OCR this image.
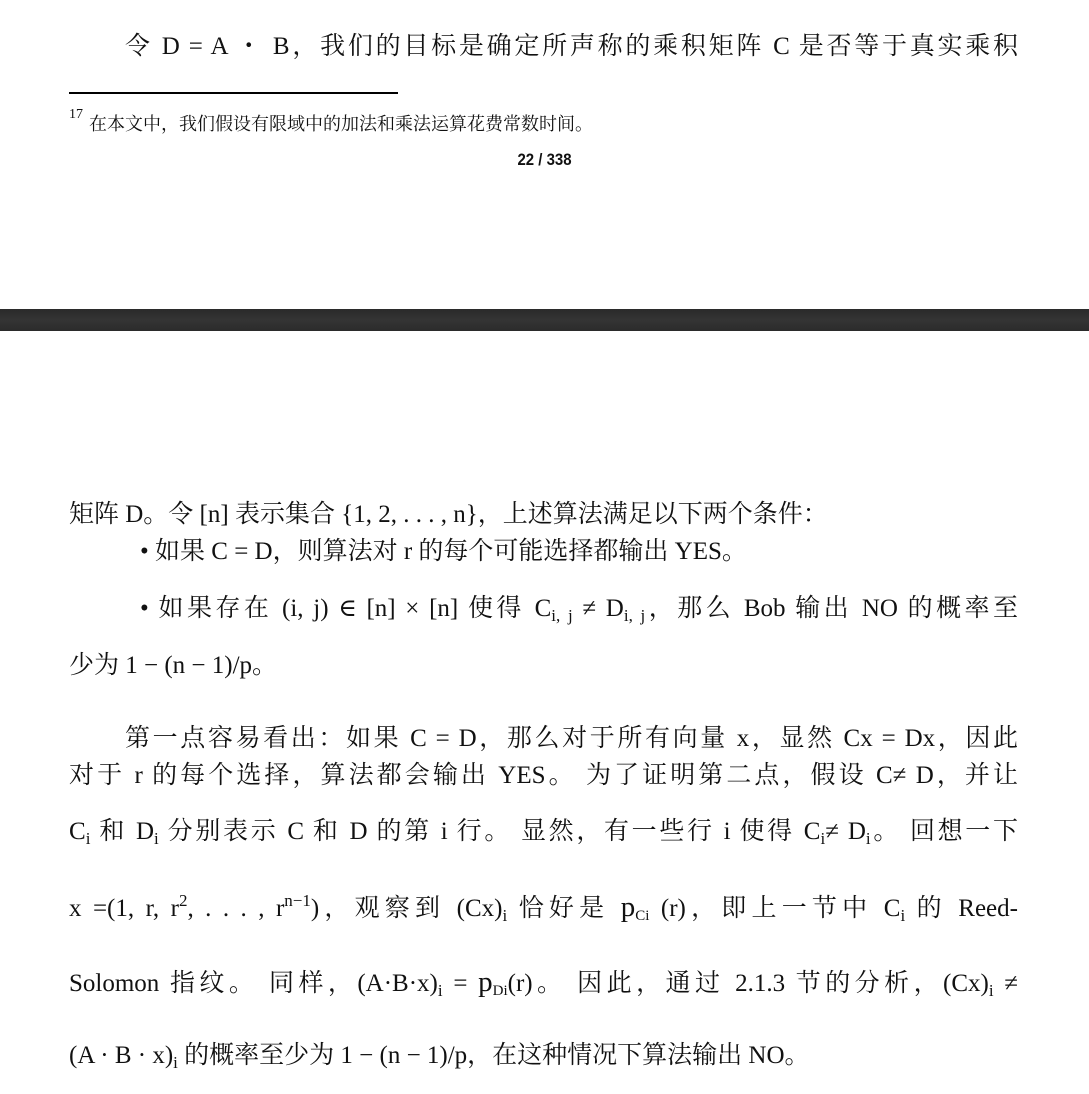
令 D = A ・ B，我们的目标是确定所声称的乘积矩阵 C 是否等于真实乘积
$^{17}$ 在本文中，我们假设有限域中的加法和乘法运算花费常数时间。
22 / 338
矩阵 D。令 [n] 表示集合 {1, 2, . . . , n}，上述算法满足以下两个条件：
• 如果 C = D，则算法对 r 的每个可能选择都输出 YES。
• 如果存在 (i, j) ∈ [n] × [n] 使得 $C_{i, j} \ne D_{i, j}$，那么 Bob 输出 NO 的概率至
少为 1 − (n − 1)/p。
第一点容易看出：如果 C = D，那么对于所有向量 x，显然 Cx = Dx，因此
对于 r 的每个选择，算法都会输出 YES。 为了证明第二点，假设 C≠ D，并让
$C_i$ 和 $D_i$ 分别表示 C 和 D 的第 i 行。 显然，有一些行 i 使得 $C_i\ne D_i$。 回想一下
x =(1, r, $r^2$, . . . , $r^{n-1}$)，观察到 $(Cx)_i$ 恰好是 $p_{Ci}$ (r)，即上一节中 $C_i$ 的 Reed-
Solomon 指纹。 同样，$(A\cdot B\cdot x)_i = p_{Di}(r)$。 因此，通过 2.1.3 节的分析，$(Cx)_i$ ≠
$(A \cdot B \cdot x)_i$ 的概率至少为 1 − (n − 1)/p，在这种情况下算法输出 NO。
